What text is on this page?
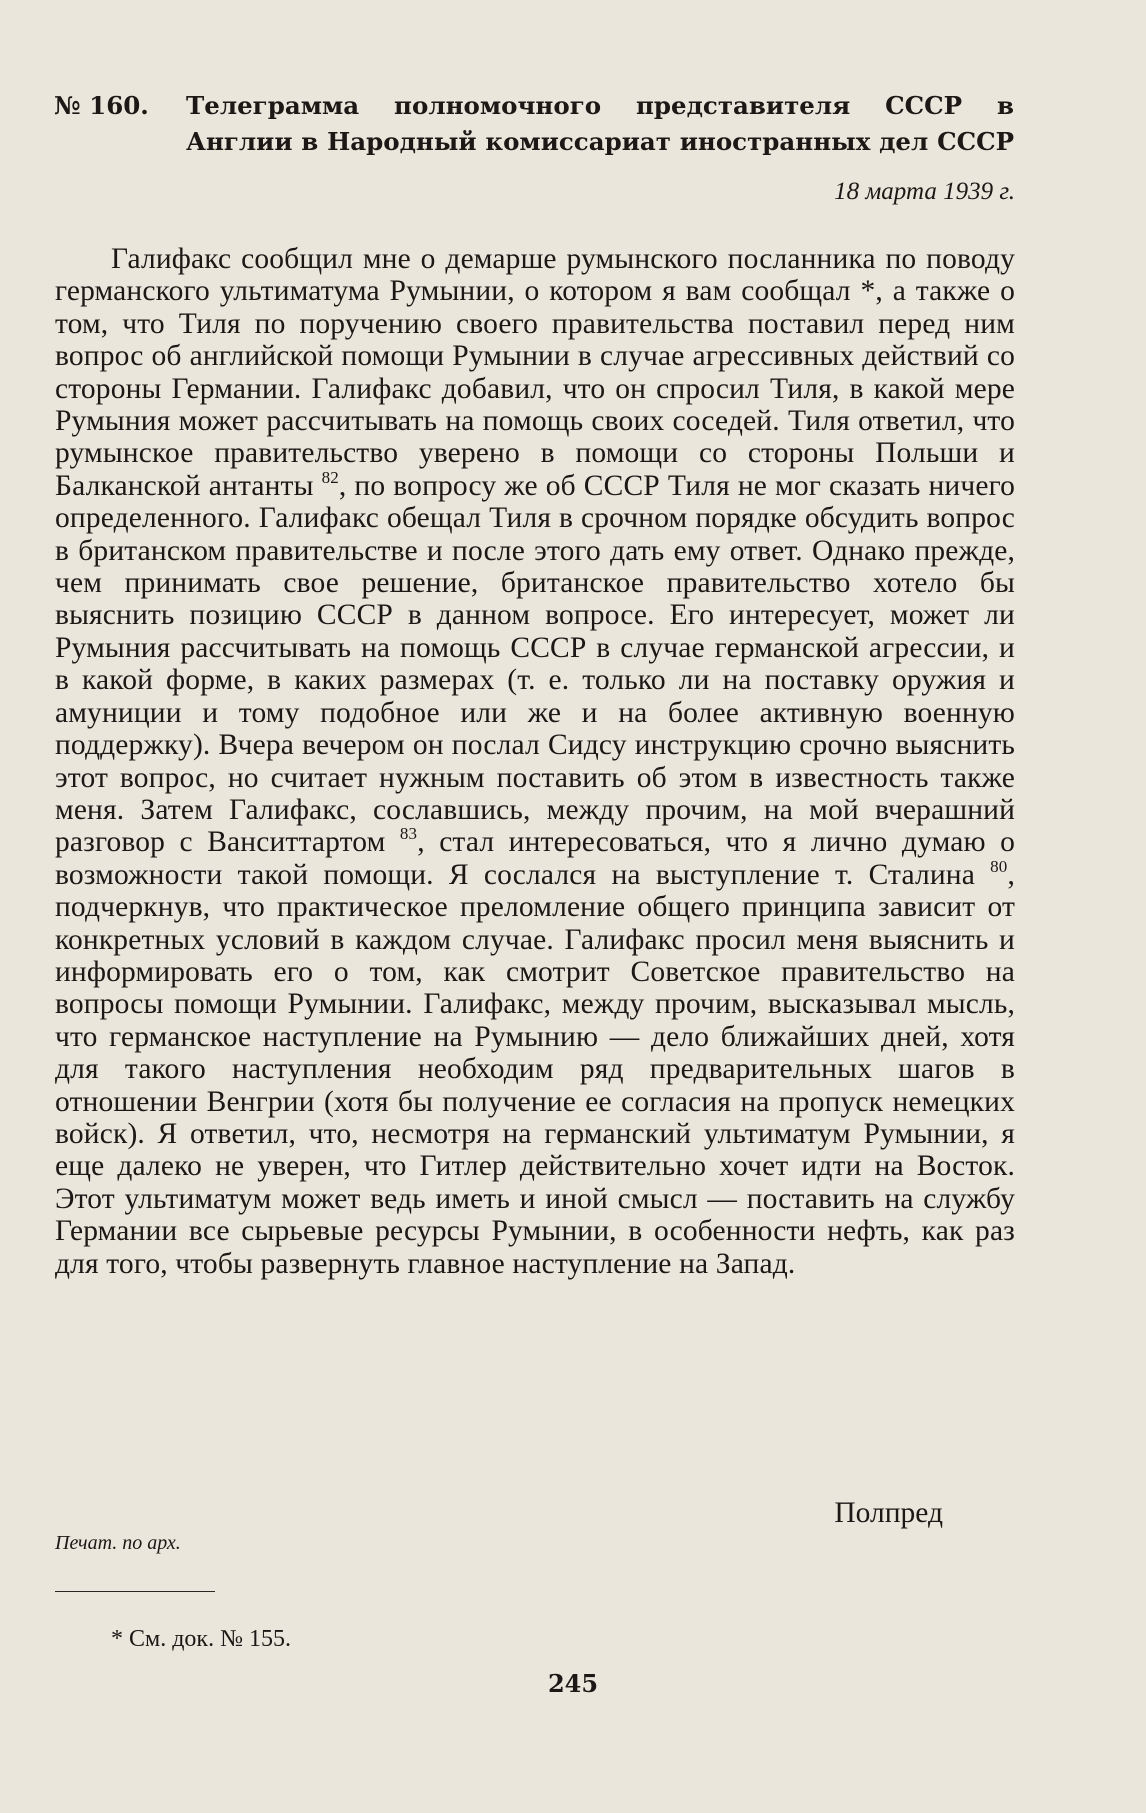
№ 160. Телеграмма полномочного представителя СССР в Англии в Народный комиссариат иностранных дел СССР
18 марта 1939 г.

Галифакс сообщил мне о демарше румынского посланника по поводу германского ультиматума Румынии, о котором я вам сообщал *, а также о том, что Тиля по поручению своего правительства поставил перед ним вопрос об английской помощи Румынии в случае агрессивных действий со стороны Германии. Галифакс добавил, что он спросил Тиля, в какой мере Румыния может рассчитывать на помощь своих соседей. Тиля ответил, что румынское правительство уверено в помощи со стороны Польши и Балканской антанты $^{82}$, по вопросу же об СССР Тиля не мог сказать ничего определенного. Галифакс обещал Тиля в срочном порядке обсудить вопрос в британском правительстве и после этого дать ему ответ. Однако прежде, чем принимать свое решение, британское правительство хотело бы выяснить позицию СССР в данном вопросе. Его интересует, может ли Румыния рассчитывать на помощь СССР в случае германской агрессии, и в какой форме, в каких размерах (т. е. только ли на поставку оружия и амуниции и тому подобное или же и на более активную военную поддержку). Вчера вечером он послал Сидсу инструкцию срочно выяснить этот вопрос, но считает нужным поставить об этом в известность также меня. Затем Галифакс, сославшись, между прочим, на мой вчерашний разговор с Ванситтартом $^{83}$, стал интересоваться, что я лично думаю о возможности такой помощи. Я сослался на выступление т. Сталина $^{80}$, подчеркнув, что практическое преломление общего принципа зависит от конкретных условий в каждом случае. Галифакс просил меня выяснить и информировать его о том, как смотрит Советское правительство на вопросы помощи Румынии. Галифакс, между прочим, высказывал мысль, что германское наступление на Румынию — дело ближайших дней, хотя для такого наступления необходим ряд предварительных шагов в отношении Венгрии (хотя бы получение ее согласия на пропуск немецких войск). Я ответил, что, несмотря на германский ультиматум Румынии, я еще далеко не уверен, что Гитлер действительно хочет идти на Восток. Этот ультиматум может ведь иметь и иной смысл — поставить на службу Германии все сырьевые ресурсы Румынии, в особенности нефть, как раз для того, чтобы развернуть главное наступление на Запад.

Полпред
Печат. по арх.
* См. док. № 155.
245
